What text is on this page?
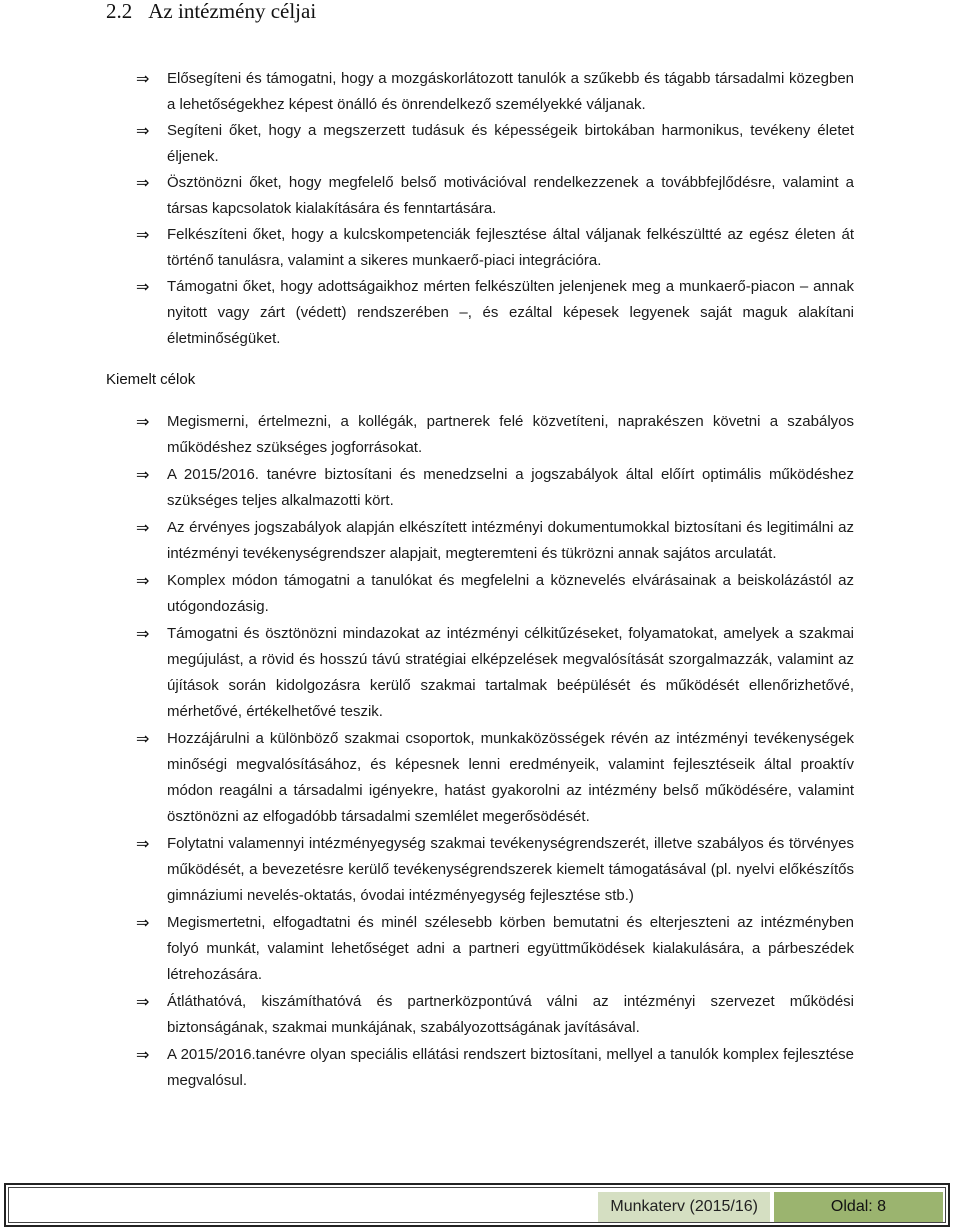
2.2 Az intézmény céljai
⇒	Elősegíteni és támogatni, hogy a mozgáskorlátozott tanulók a szűkebb és tágabb társadalmi közegben a lehetőségekhez képest önálló és önrendelkező személyekké váljanak.
⇒	Segíteni őket, hogy a megszerzett tudásuk és képességeik birtokában harmonikus, tevékeny életet éljenek.
⇒	Ösztönözni őket, hogy megfelelő belső motivációval rendelkezzenek a továbbfejlődésre, valamint a társas kapcsolatok kialakítására és fenntartására.
⇒	Felkészíteni őket, hogy a kulcskompetenciák fejlesztése által váljanak felkészültté az egész életen át történő tanulásra, valamint a sikeres munkaerő-piaci integrációra.
⇒	Támogatni őket, hogy adottságaikhoz mérten felkészülten jelenjenek meg a munkaerő-piacon – annak nyitott vagy zárt (védett) rendszerében –, és ezáltal képesek legyenek saját maguk alakítani életminőségüket.
Kiemelt célok
⇒	Megismerni, értelmezni, a kollégák, partnerek felé közvetíteni, naprakészen követni a szabályos működéshez szükséges jogforrásokat.
⇒	A 2015/2016. tanévre biztosítani és menedzselni a jogszabályok által előírt optimális működéshez szükséges teljes alkalmazotti kört.
⇒	Az érvényes jogszabályok alapján elkészített intézményi dokumentumokkal biztosítani és legitimálni az intézményi tevékenységrendszer alapjait, megteremteni és tükrözni annak sajátos arculatát.
⇒	Komplex módon támogatni a tanulókat és megfelelni a köznevelés elvárásainak a beiskolázástól az utógondozásig.
⇒	Támogatni és ösztönözni mindazokat az intézményi célkitűzéseket, folyamatokat, amelyek a szakmai megújulást, a rövid és hosszú távú stratégiai elképzelések megvalósítását szorgalmazzák, valamint az újítások során kidolgozásra kerülő szakmai tartalmak beépülését és működését ellenőrizhetővé, mérhetővé, értékelhetővé teszik.
⇒	Hozzájárulni a különböző szakmai csoportok, munkaközösségek révén az intézményi tevékenységek minőségi megvalósításához, és képesnek lenni eredményeik, valamint fejlesztéseik által proaktív módon reagálni a társadalmi igényekre, hatást gyakorolni az intézmény belső működésére, valamint ösztönözni az elfogadóbb társadalmi szemlélet megerősödését.
⇒	Folytatni valamennyi intézményegység szakmai tevékenységrendszerét, illetve szabályos és törvényes működését, a bevezetésre kerülő tevékenységrendszerek kiemelt támogatásával (pl. nyelvi előkészítős gimnáziumi nevelés-oktatás, óvodai intézményegység fejlesztése stb.)
⇒	Megismertetni, elfogadtatni és minél szélesebb körben bemutatni és elterjeszteni az intézményben folyó munkát, valamint lehetőséget adni a partneri együttműködések kialakulására, a párbeszédek létrehozására.
⇒	Átláthatóvá, kiszámíthatóvá és partnerközpontúvá válni az intézményi szervezet működési biztonságának, szakmai munkájának, szabályozottságának javításával.
⇒	A 2015/2016.tanévre olyan speciális ellátási rendszert biztosítani, mellyel a tanulók komplex fejlesztése megvalósul.
Munkaterv (2015/16)	Oldal: 8
